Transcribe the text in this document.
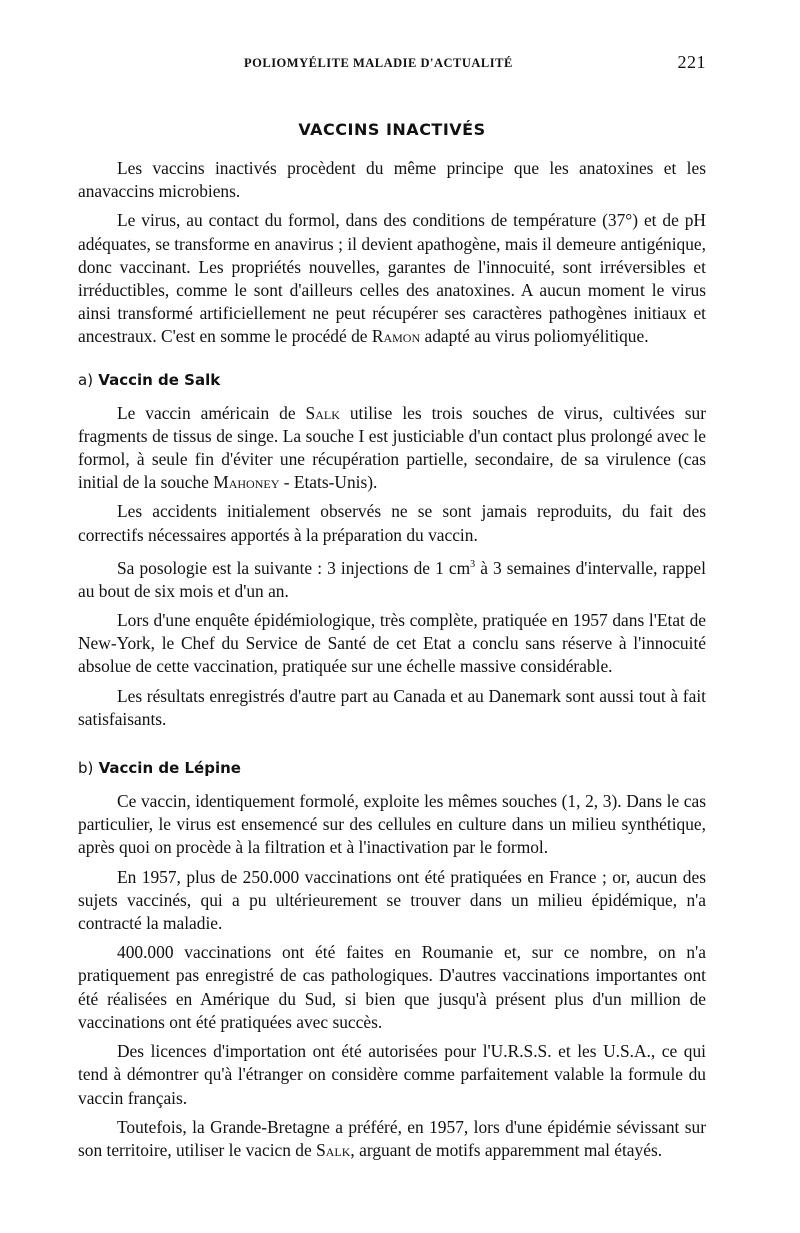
POLIOMYÉLITE MALADIE D'ACTUALITÉ	221
VACCINS INACTIVÉS

Les vaccins inactivés procèdent du même principe que les anatoxines et les anavaccins microbiens.

Le virus, au contact du formol, dans des conditions de température (37°) et de pH adéquates, se transforme en anavirus ; il devient apathogène, mais il demeure antigénique, donc vaccinant. Les propriétés nouvelles, garantes de l'innocuité, sont irréversibles et irréductibles, comme le sont d'ailleurs celles des anatoxines. A aucun moment le virus ainsi transformé artificiellement ne peut récupérer ses caractères pathogènes initiaux et ancestraux. C'est en somme le procédé de Ramon adapté au virus poliomyélitique.

a) Vaccin de Salk

Le vaccin américain de Salk utilise les trois souches de virus, cultivées sur fragments de tissus de singe. La souche I est justiciable d'un contact plus prolongé avec le formol, à seule fin d'éviter une récupération partielle, secondaire, de sa virulence (cas initial de la souche Mahoney - Etats-Unis).

Les accidents initialement observés ne se sont jamais reproduits, du fait des correctifs nécessaires apportés à la préparation du vaccin.

Sa posologie est la suivante : 3 injections de 1 $cm^3$ à 3 semaines d'intervalle, rappel au bout de six mois et d'un an.

Lors d'une enquête épidémiologique, très complète, pratiquée en 1957 dans l'Etat de New-York, le Chef du Service de Santé de cet Etat a conclu sans réserve à l'innocuité absolue de cette vaccination, pratiquée sur une échelle massive considérable.

Les résultats enregistrés d'autre part au Canada et au Danemark sont aussi tout à fait satisfaisants.

b) Vaccin de Lépine

Ce vaccin, identiquement formolé, exploite les mêmes souches (1, 2, 3). Dans le cas particulier, le virus est ensemencé sur des cellules en culture dans un milieu synthétique, après quoi on procède à la filtration et à l'inactivation par le formol.

En 1957, plus de 250.000 vaccinations ont été pratiquées en France ; or, aucun des sujets vaccinés, qui a pu ultérieurement se trouver dans un milieu épidémique, n'a contracté la maladie.

400.000 vaccinations ont été faites en Roumanie et, sur ce nombre, on n'a pratiquement pas enregistré de cas pathologiques. D'autres vaccinations importantes ont été réalisées en Amérique du Sud, si bien que jusqu'à présent plus d'un million de vaccinations ont été pratiquées avec succès.

Des licences d'importation ont été autorisées pour l'U.R.S.S. et les U.S.A., ce qui tend à démontrer qu'à l'étranger on considère comme parfaitement valable la formule du vaccin français.

Toutefois, la Grande-Bretagne a préféré, en 1957, lors d'une épidémie sévissant sur son territoire, utiliser le vacicn de Salk, arguant de motifs apparemment mal étayés.
